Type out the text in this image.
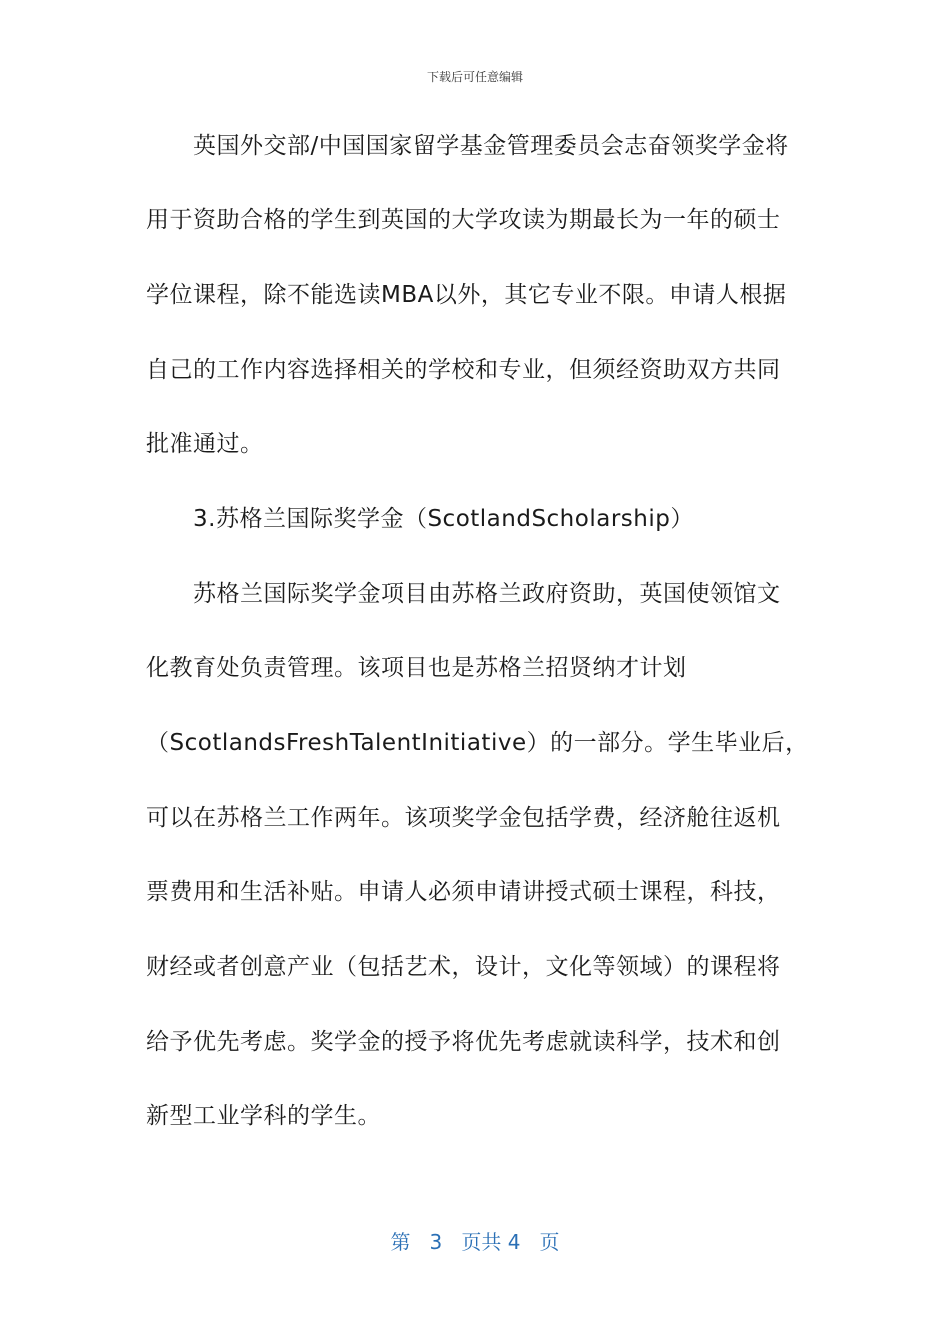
下载后可任意编辑
英国外交部/中国国家留学基金管理委员会志奋领奖学金将
用于资助合格的学生到英国的大学攻读为期最长为一年的硕士
学位课程，除不能选读MBA以外，其它专业不限。申请人根据
自己的工作内容选择相关的学校和专业，但须经资助双方共同
批准通过。
3.苏格兰国际奖学金（ScotlandScholarship）
苏格兰国际奖学金项目由苏格兰政府资助，英国使领馆文
化教育处负责管理。该项目也是苏格兰招贤纳才计划
（ScotlandsFreshTalentInitiative）的一部分。学生毕业后，
可以在苏格兰工作两年。该项奖学金包括学费，经济舱往返机
票费用和生活补贴。申请人必须申请讲授式硕士课程，科技，
财经或者创意产业（包括艺术，设计，文化等领域）的课程将
给予优先考虑。奖学金的授予将优先考虑就读科学，技术和创
新型工业学科的学生。
第 3 页共 4 页
